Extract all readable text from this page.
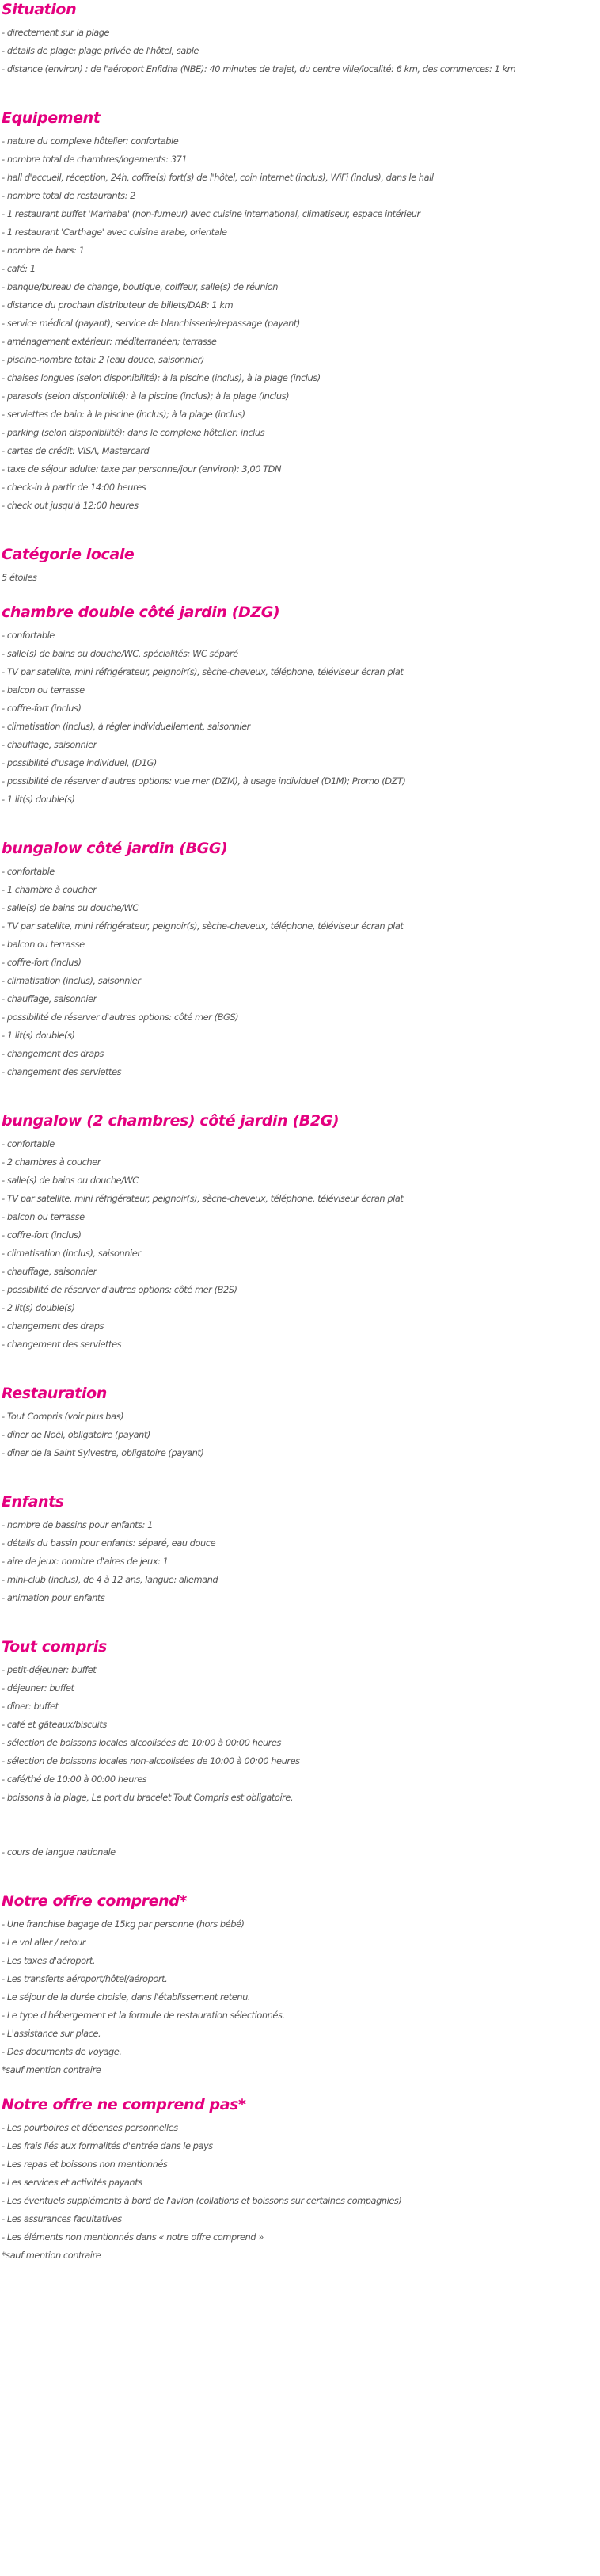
Situation
- directement sur la plage
- détails de plage: plage privée de l'hôtel, sable
- distance (environ) : de l'aéroport Enfidha (NBE): 40 minutes de trajet, du centre ville/localité: 6 km, des commerces: 1 km
Equipement
- nature du complexe hôtelier: confortable
- nombre total de chambres/logements: 371
- hall d'accueil, réception, 24h, coffre(s) fort(s) de l'hôtel, coin internet (inclus), WiFi (inclus), dans le hall
- nombre total de restaurants: 2
- 1 restaurant buffet 'Marhaba' (non-fumeur) avec cuisine international, climatiseur, espace intérieur
- 1 restaurant 'Carthage' avec cuisine arabe, orientale
- nombre de bars: 1
- café: 1
- banque/bureau de change, boutique, coiffeur, salle(s) de réunion
- distance du prochain distributeur de billets/DAB: 1 km
- service médical (payant); service de blanchisserie/repassage (payant)
- aménagement extérieur: méditerranéen; terrasse
- piscine-nombre total: 2 (eau douce, saisonnier)
- chaises longues (selon disponibilité): à la piscine (inclus), à la plage (inclus)
- parasols (selon disponibilité): à la piscine (inclus); à la plage (inclus)
- serviettes de bain: à la piscine (inclus); à la plage (inclus)
- parking (selon disponibilité): dans le complexe hôtelier: inclus
- cartes de crédit: VISA, Mastercard
- taxe de séjour adulte: taxe par personne/jour (environ): 3,00 TDN
- check-in à partir de 14:00 heures
- check out jusqu'à 12:00 heures
Catégorie locale
5 étoiles
chambre double côté jardin (DZG)
- confortable
- salle(s) de bains ou douche/WC, spécialités: WC séparé
- TV par satellite, mini réfrigérateur, peignoir(s), sèche-cheveux, téléphone, téléviseur écran plat
- balcon ou terrasse
- coffre-fort (inclus)
- climatisation (inclus), à régler individuellement, saisonnier
- chauffage, saisonnier
- possibilité d'usage individuel, (D1G)
- possibilité de réserver d'autres options: vue mer (DZM), à usage individuel (D1M); Promo (DZT)
- 1 lit(s) double(s)
bungalow côté jardin (BGG)
- confortable
- 1 chambre à coucher
- salle(s) de bains ou douche/WC
- TV par satellite, mini réfrigérateur, peignoir(s), sèche-cheveux, téléphone, téléviseur écran plat
- balcon ou terrasse
- coffre-fort (inclus)
- climatisation (inclus), saisonnier
- chauffage, saisonnier
- possibilité de réserver d'autres options: côté mer (BGS)
- 1 lit(s) double(s)
- changement des draps
- changement des serviettes
bungalow (2 chambres) côté jardin (B2G)
- confortable
- 2 chambres à coucher
- salle(s) de bains ou douche/WC
- TV par satellite, mini réfrigérateur, peignoir(s), sèche-cheveux, téléphone, téléviseur écran plat
- balcon ou terrasse
- coffre-fort (inclus)
- climatisation (inclus), saisonnier
- chauffage, saisonnier
- possibilité de réserver d'autres options: côté mer (B2S)
- 2 lit(s) double(s)
- changement des draps
- changement des serviettes
Restauration
- Tout Compris (voir plus bas)
- dîner de Noël, obligatoire (payant)
- dîner de la Saint Sylvestre, obligatoire (payant)
Enfants
- nombre de bassins pour enfants: 1
- détails du bassin pour enfants: séparé, eau douce
- aire de jeux: nombre d'aires de jeux: 1
- mini-club (inclus), de 4 à 12 ans, langue: allemand
- animation pour enfants
Tout compris
- petit-déjeuner: buffet
- déjeuner: buffet
- dîner: buffet
- café et gâteaux/biscuits
- sélection de boissons locales alcoolisées de 10:00 à 00:00 heures
- sélection de boissons locales non-alcoolisées de 10:00 à 00:00 heures
- café/thé de 10:00 à 00:00 heures
- boissons à la plage, Le port du bracelet Tout Compris est obligatoire.
- cours de langue nationale
Notre offre comprend*
- Une franchise bagage de 15kg par personne (hors bébé)
- Le vol aller / retour
- Les taxes d'aéroport.
- Les transferts aéroport/hôtel/aéroport.
- Le séjour de la durée choisie, dans l'établissement retenu.
- Le type d'hébergement et la formule de restauration sélectionnés.
- L'assistance sur place.
- Des documents de voyage.
*sauf mention contraire
Notre offre ne comprend pas*
- Les pourboires et dépenses personnelles
- Les frais liés aux formalités d'entrée dans le pays
- Les repas et boissons non mentionnés
- Les services et activités payants
- Les éventuels suppléments à bord de l'avion (collations et boissons sur certaines compagnies)
- Les assurances facultatives
- Les éléments non mentionnés dans « notre offre comprend »
*sauf mention contraire
